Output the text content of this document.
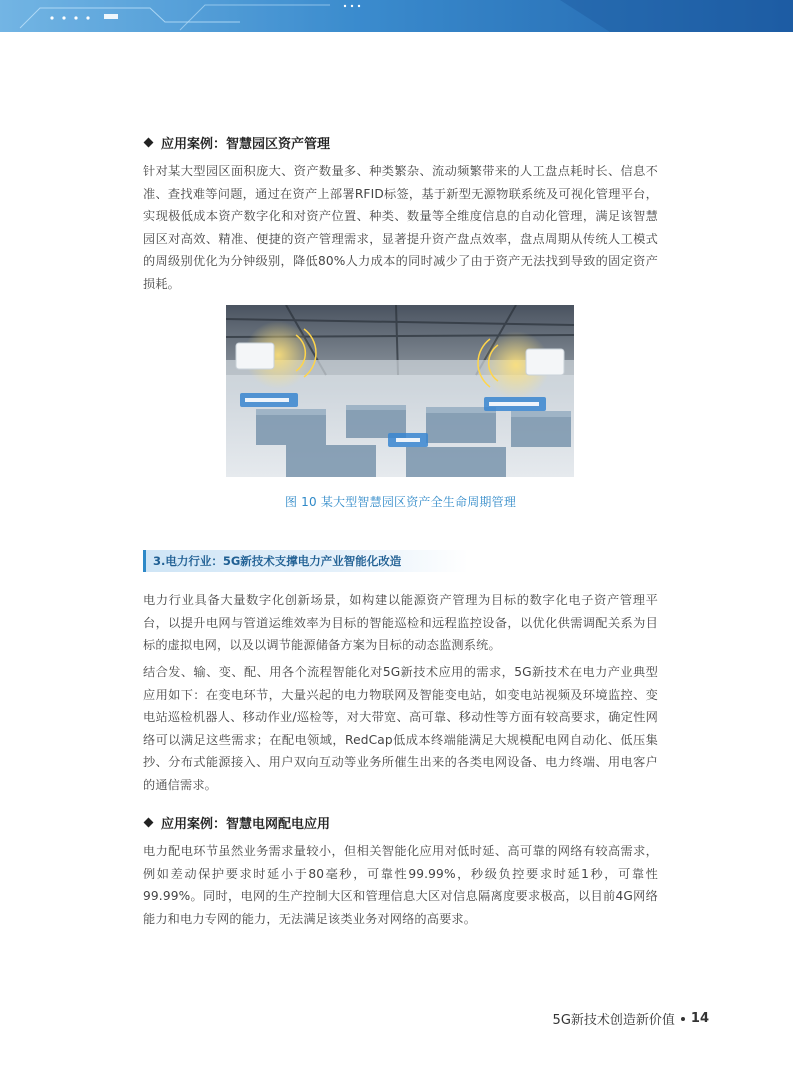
应用案例：智慧园区资产管理

针对某大型园区面积庞大、资产数量多、种类繁杂、流动频繁带来的人工盘点耗时长、信息不准、查找难等问题，通过在资产上部署RFID标签，基于新型无源物联系统及可视化管理平台，实现极低成本资产数字化和对资产位置、种类、数量等全维度信息的自动化管理，满足该智慧园区对高效、精准、便捷的资产管理需求，显著提升资产盘点效率，盘点周期从传统人工模式的周级别优化为分钟级别，降低80%人力成本的同时减少了由于资产无法找到导致的固定资产损耗。

图 10 某大型智慧园区资产全生命周期管理
3.电力行业：5G新技术支撑电力产业智能化改造

电力行业具备大量数字化创新场景，如构建以能源资产管理为目标的数字化电子资产管理平台，以提升电网与管道运维效率为目标的智能巡检和远程监控设备，以优化供需调配关系为目标的虚拟电网，以及以调节能源储备方案为目标的动态监测系统。

结合发、输、变、配、用各个流程智能化对5G新技术应用的需求，5G新技术在电力产业典型应用如下：在变电环节，大量兴起的电力物联网及智能变电站，如变电站视频及环境监控、变电站巡检机器人、移动作业/巡检等，对大带宽、高可靠、移动性等方面有较高要求，确定性网络可以满足这些需求；在配电领域，RedCap低成本终端能满足大规模配电网自动化、低压集抄、分布式能源接入、用户双向互动等业务所催生出来的各类电网设备、电力终端、用电客户的通信需求。

应用案例：智慧电网配电应用

电力配电环节虽然业务需求量较小，但相关智能化应用对低时延、高可靠的网络有较高需求，例如差动保护要求时延小于80毫秒，可靠性99.99%，秒级负控要求时延1秒，可靠性99.99%。同时，电网的生产控制大区和管理信息大区对信息隔离度要求极高，以目前4G网络能力和电力专网的能力，无法满足该类业务对网络的高要求。

5G新技术创造新价值 14
